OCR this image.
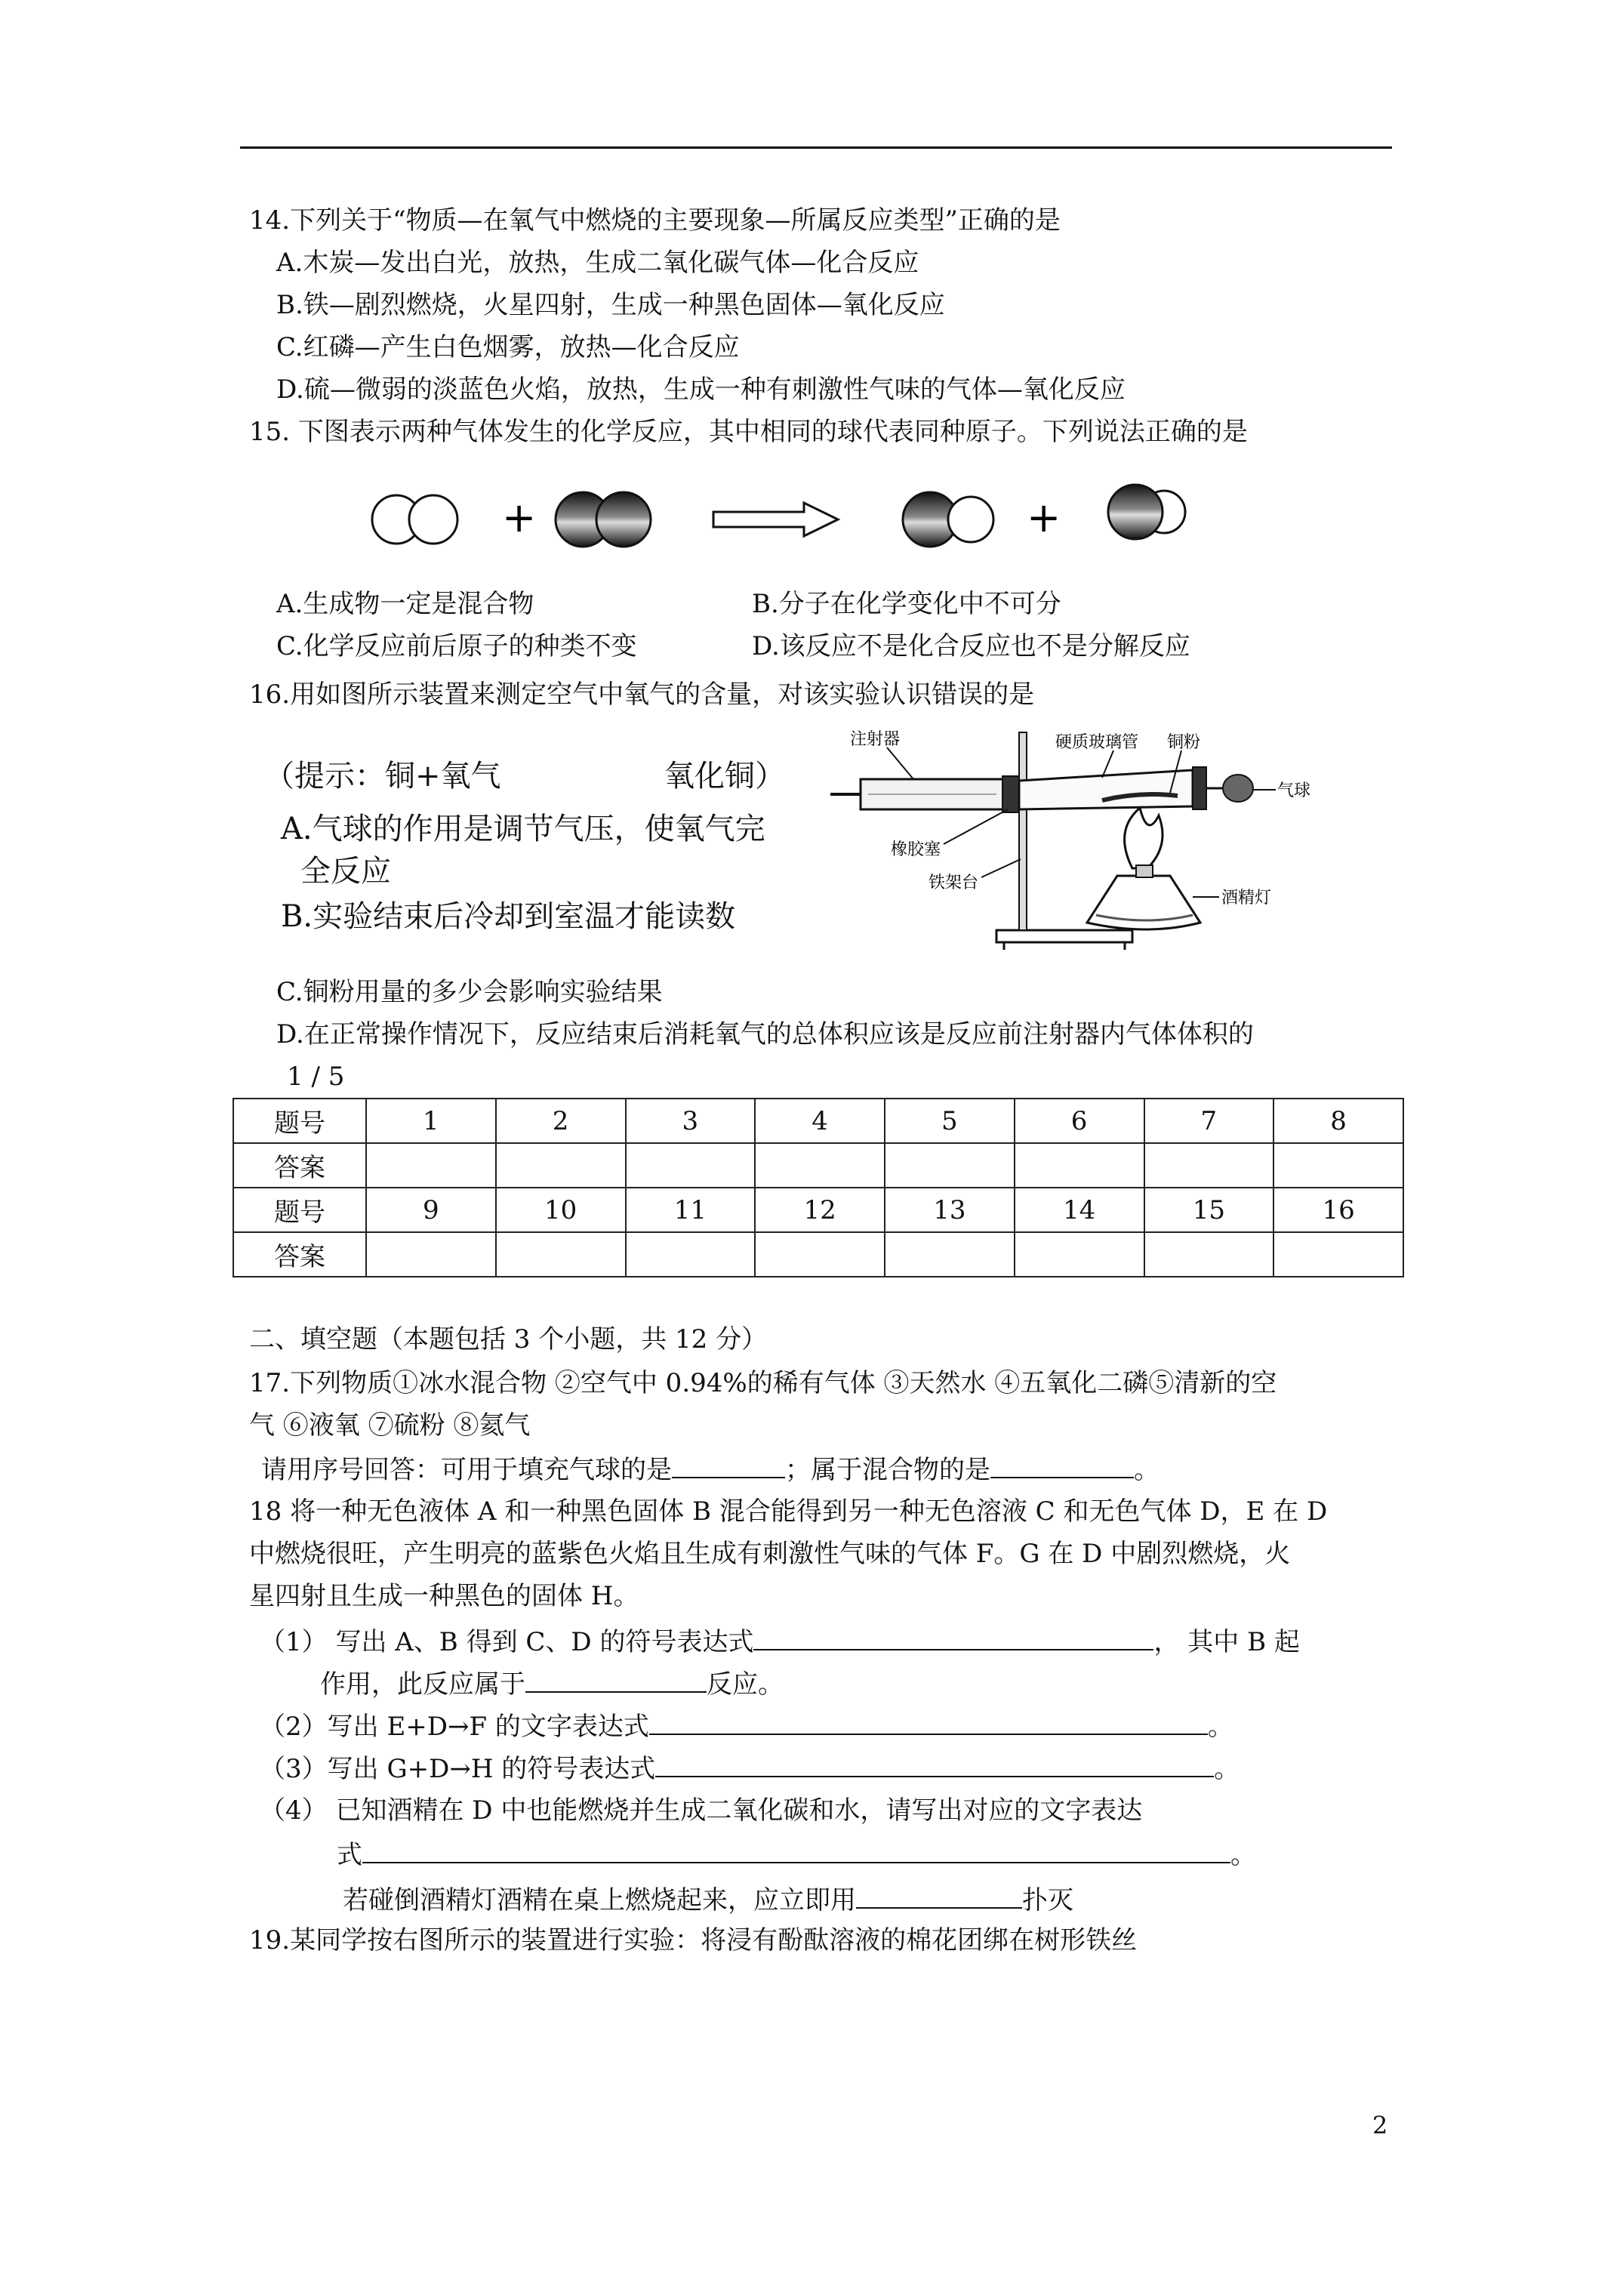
14.下列关于“物质—在氧气中燃烧的主要现象—所属反应类型”正确的是
A.木炭—发出白光，放热，生成二氧化碳气体—化合反应
B.铁—剧烈燃烧，火星四射，生成一种黑色固体—氧化反应
C.红磷—产生白色烟雾，放热—化合反应
D.硫—微弱的淡蓝色火焰，放热，生成一种有刺激性气味的气体—氧化反应
15. 下图表示两种气体发生的化学反应，其中相同的球代表同种原子。下列说法正确的是
+	+
A.生成物一定是混合物	B.分子在化学变化中不可分
C.化学反应前后原子的种类不变	D.该反应不是化合反应也不是分解反应
16.用如图所示装置来测定空气中氧气的含量，对该实验认识错误的是
（提示：铜+氧气	氧化铜）
A.气球的作用是调节气压，使氧气完
全反应
B.实验结束后冷却到室温才能读数
注射器	硬质玻璃管 铜粉
气球
橡胶塞
铁架台
酒精灯
C.铜粉用量的多少会影响实验结果
D.在正常操作情况下，反应结束后消耗氧气的总体积应该是反应前注射器内气体体积的
1 / 5
题号	1	2	3	4	5	6	7	8
答案								
题号	9	10	11	12	13	14	15	16
答案								
二、填空题（本题包括 3 个小题，共 12 分）
17.下列物质①冰水混合物 ②空气中 0.94%的稀有气体 ③天然水 ④五氧化二磷⑤清新的空
气 ⑥液氧 ⑦硫粉 ⑧氦气
请用序号回答：可用于填充气球的是	；属于混合物的是	。
18 将一种无色液体 A 和一种黑色固体 B 混合能得到另一种无色溶液 C 和无色气体 D，E 在 D
中燃烧很旺，产生明亮的蓝紫色火焰且生成有刺激性气味的气体 F。G 在 D 中剧烈燃烧，火
星四射且生成一种黑色的固体 H。
（1） 写出 A、B 得到 C、D 的符号表达式	， 其中 B 起
作用，此反应属于	反应。
（2）写出 E+D→F 的文字表达式	。
（3）写出 G+D→H 的符号表达式	。
（4） 已知酒精在 D 中也能燃烧并生成二氧化碳和水，请写出对应的文字表达
式	。
若碰倒酒精灯酒精在桌上燃烧起来，应立即用	扑灭
19.某同学按右图所示的装置进行实验：将浸有酚酞溶液的棉花团绑在树形铁丝
2
